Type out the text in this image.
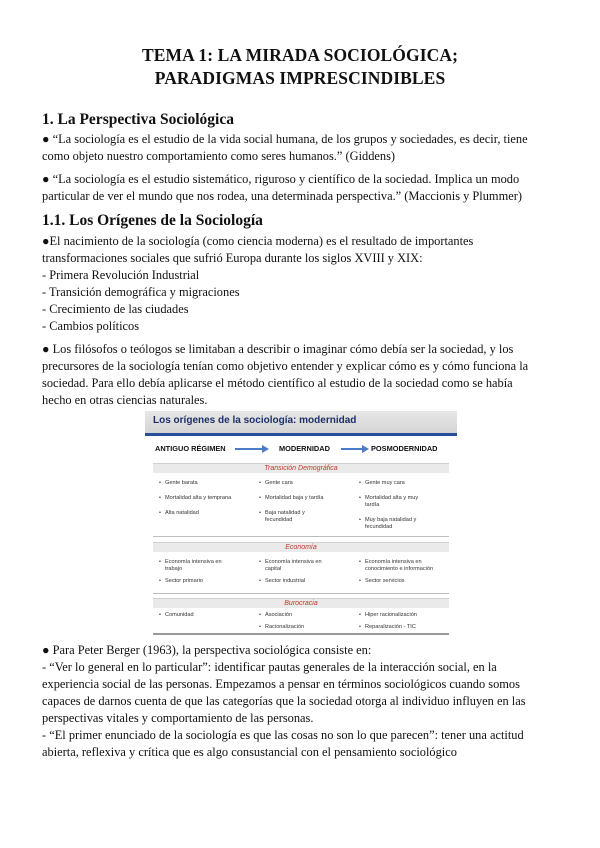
TEMA 1: LA MIRADA SOCIOLÓGICA;
PARADIGMAS IMPRESCINDIBLES
1. La Perspectiva Sociológica
● “La sociología es el estudio de la vida social humana, de los grupos y sociedades, es decir, tiene
como objeto nuestro comportamiento como seres humanos.” (Giddens)
● “La sociología es el estudio sistemático, riguroso y científico de la sociedad. Implica un modo
particular de ver el mundo que nos rodea, una determinada perspectiva.” (Maccionis y Plummer)
1.1. Los Orígenes de la Sociología
●El nacimiento de la sociología (como ciencia moderna) es el resultado de importantes
transformaciones sociales que sufrió Europa durante los siglos XVIII y XIX:
- Primera Revolución Industrial
- Transición demográfica y migraciones
- Crecimiento de las ciudades
- Cambios políticos
● Los filósofos o teólogos se limitaban a describir o imaginar cómo debía ser la sociedad, y los
precursores de la sociología tenían como objetivo entender y explicar cómo es y cómo funciona la
sociedad. Para ello debía aplicarse el método científico al estudio de la sociedad como se había
hecho en otras ciencias naturales.
Los orígenes de la sociología: modernidad
ANTIGUO RÉGIMEN	MODERNIDAD	POSMODERNIDAD
Transición Demográfica
• Gente barata
• Mortalidad alta y temprana
• Alta natalidad
• Gente cara
• Mortalidad baja y tardía
• Baja natalidad y fecundidad
• Gente muy cara
• Mortalidad alta y muy tardía
• Muy baja natalidad y fecundidad
Economía
• Economía intensiva en trabajo
• Sector primario
• Economía intensiva en capital
• Sector industrial
• Economía intensiva en conocimiento e información
• Sector servicios
Burocracia
• Comunidad
•	Asociación
• Racionalización
• Hiper racionalización
• Reparalización - TIC
● Para Peter Berger (1963), la perspectiva sociológica consiste en:
- “Ver lo general en lo particular”: identificar pautas generales de la interacción social, en la
experiencia social de las personas. Empezamos a pensar en términos sociológicos cuando somos
capaces de darnos cuenta de que las categorías que la sociedad otorga al individuo influyen en las
perspectivas vitales y comportamiento de las personas.
- “El primer enunciado de la sociología es que las cosas no son lo que parecen”: tener una actitud
abierta, reflexiva y crítica que es algo consustancial con el pensamiento sociológico
